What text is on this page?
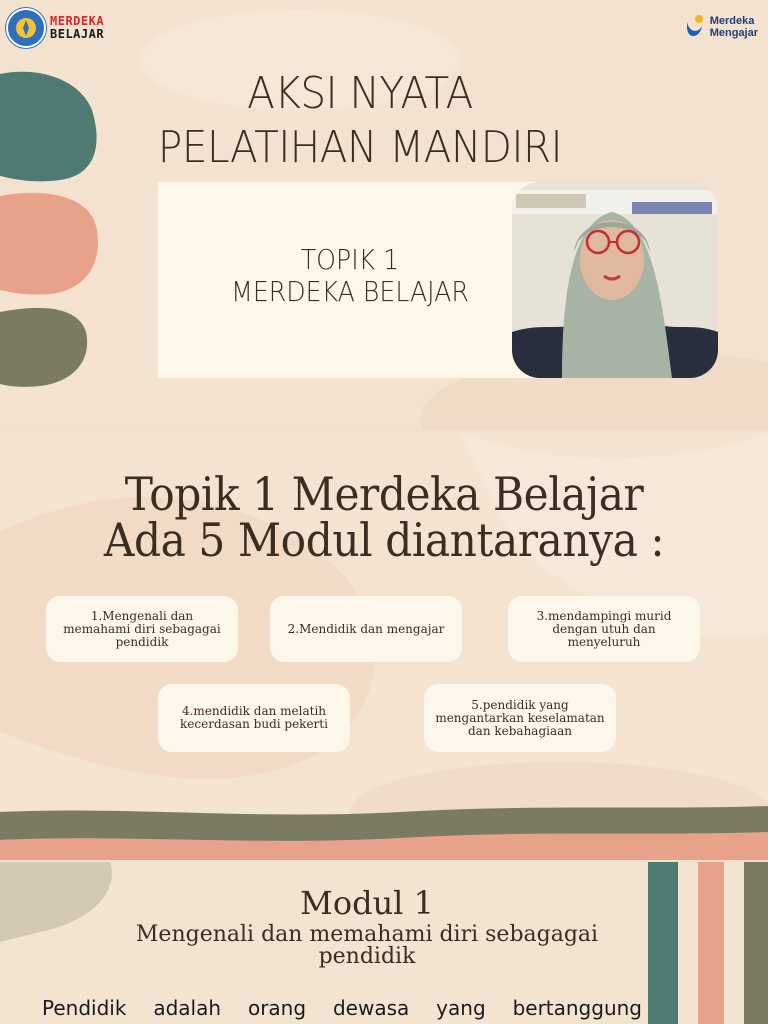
MERDEKA
BELAJAR
Merdeka
Mengajar
AKSI NYATA
PELATIHAN MANDIRI
TOPIK 1
MERDEKA BELAJAR
Topik 1 Merdeka Belajar
Ada 5 Modul diantaranya :
1.Mengenali dan memahami diri sebagagai pendidik
2.Mendidik dan mengajar
3.mendampingi murid dengan utuh dan menyeluruh
4.mendidik dan melatih kecerdasan budi pekerti
5.pendidik yang mengantarkan keselamatan dan kebahagiaan
Modul 1
Mengenali dan memahami diri sebagagai pendidik
Pendidik adalah orang dewasa yang bertanggung
